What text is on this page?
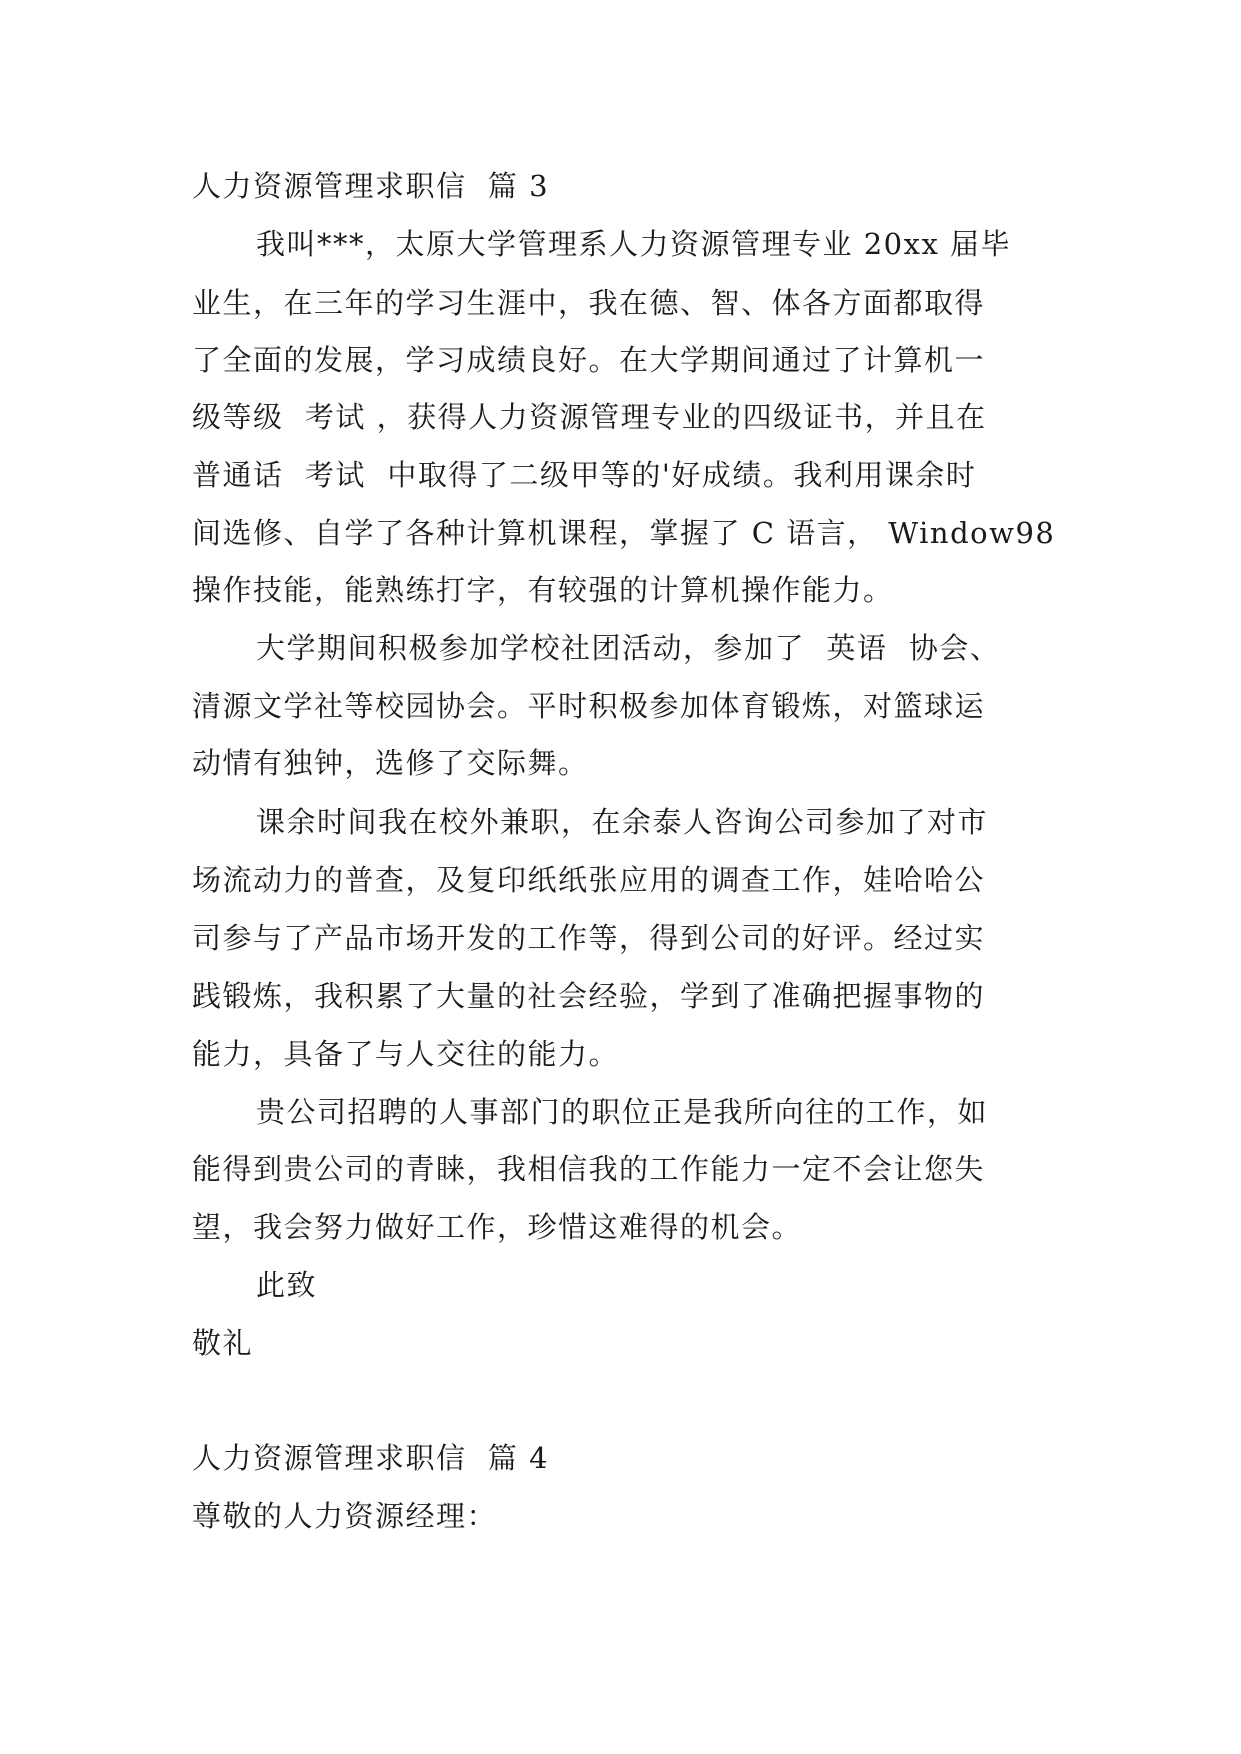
人力资源管理求职信  篇 3
我叫***，太原大学管理系人力资源管理专业 20xx 届毕
业生，在三年的学习生涯中，我在德、智、体各方面都取得
了全面的发展，学习成绩良好。在大学期间通过了计算机一
级等级  考试 ，获得人力资源管理专业的四级证书，并且在
普通话  考试  中取得了二级甲等的'好成绩。我利用课余时
间选修、自学了各种计算机课程，掌握了 C 语言， Window98
操作技能，能熟练打字，有较强的计算机操作能力。
大学期间积极参加学校社团活动，参加了  英语  协会、
清源文学社等校园协会。平时积极参加体育锻炼，对篮球运
动情有独钟，选修了交际舞。
课余时间我在校外兼职，在余泰人咨询公司参加了对市
场流动力的普查，及复印纸纸张应用的调查工作，娃哈哈公
司参与了产品市场开发的工作等，得到公司的好评。经过实
践锻炼，我积累了大量的社会经验，学到了准确把握事物的
能力，具备了与人交往的能力。
贵公司招聘的人事部门的职位正是我所向往的工作，如
能得到贵公司的青睐，我相信我的工作能力一定不会让您失
望，我会努力做好工作，珍惜这难得的机会。
此致
敬礼
人力资源管理求职信  篇 4
尊敬的人力资源经理：
